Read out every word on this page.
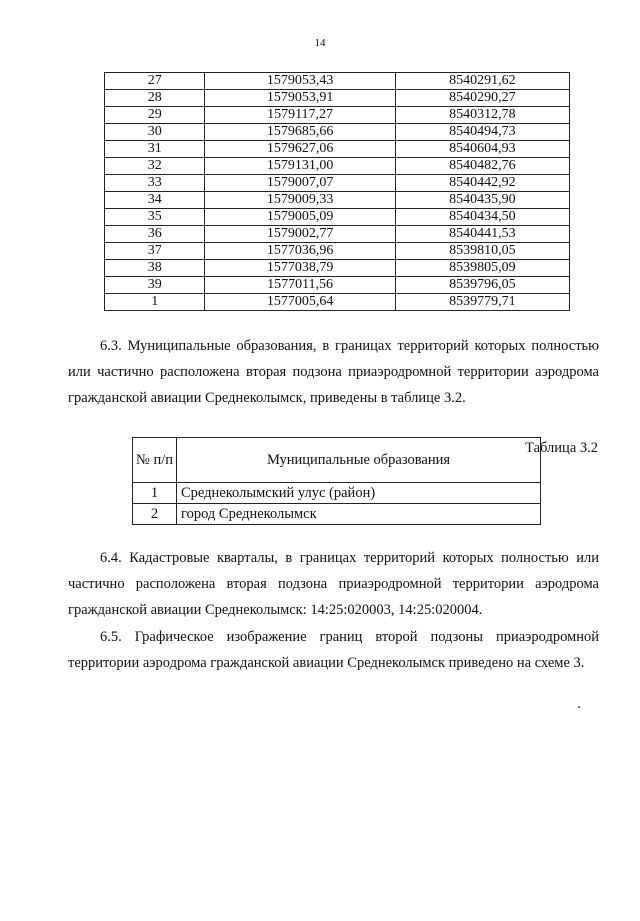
14
27	1579053,43	8540291,62
28	1579053,91	8540290,27
29	1579117,27	8540312,78
30	1579685,66	8540494,73
31	1579627,06	8540604,93
32	1579131,00	8540482,76
33	1579007,07	8540442,92
34	1579009,33	8540435,90
35	1579005,09	8540434,50
36	1579002,77	8540441,53
37	1577036,96	8539810,05
38	1577038,79	8539805,09
39	1577011,56	8539796,05
1	1577005,64	8539779,71
6.3. Муниципальные образования, в границах территорий которых полностью
или частично расположена вторая подзона приаэродромной территории аэродрома
гражданской авиации Среднеколымск, приведены в таблице 3.2.
Таблица 3.2
№ п/п	Муниципальные образования
1	Среднеколымский улус (район)
2	город Среднеколымск
6.4. Кадастровые кварталы, в границах территорий которых полностью или
частично расположена вторая подзона приаэродромной территории аэродрома
гражданской авиации Среднеколымск: 14:25:020003, 14:25:020004.
6.5. Графическое изображение границ второй подзоны приаэродромной
территории аэродрома гражданской авиации Среднеколымск приведено на схеме 3.
